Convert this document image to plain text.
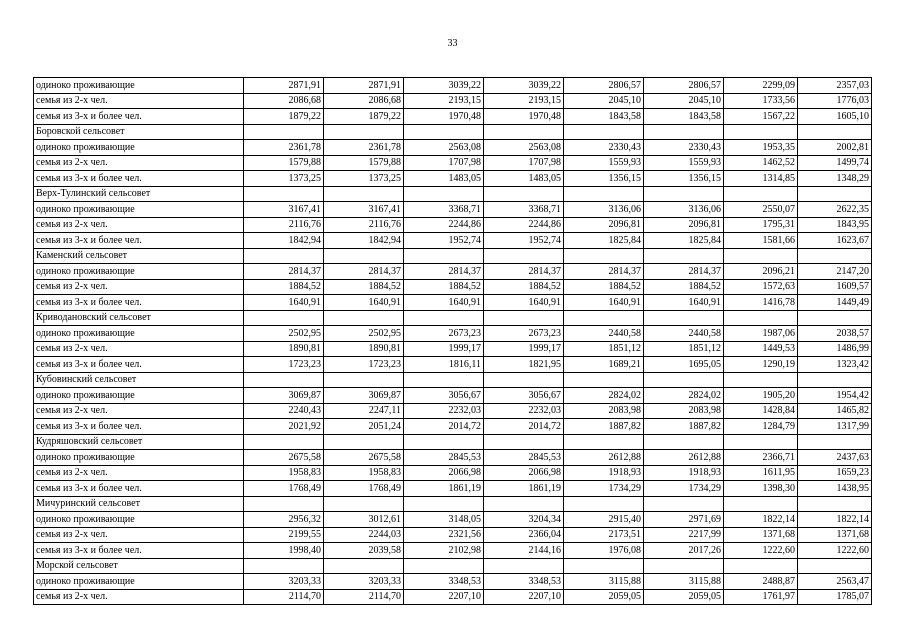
33
одиноко проживающие	2871,91	2871,91	3039,22	3039,22	2806,57	2806,57	2299,09	2357,03
семья из 2-х чел.	2086,68	2086,68	2193,15	2193,15	2045,10	2045,10	1733,56	1776,03
семья из 3-х и более чел.	1879,22	1879,22	1970,48	1970,48	1843,58	1843,58	1567,22	1605,10
Боровской сельсовет								
одиноко проживающие	2361,78	2361,78	2563,08	2563,08	2330,43	2330,43	1953,35	2002,81
семья из 2-х чел.	1579,88	1579,88	1707,98	1707,98	1559,93	1559,93	1462,52	1499,74
семья из 3-х и более чел.	1373,25	1373,25	1483,05	1483,05	1356,15	1356,15	1314,85	1348,29
Верх-Тулинский сельсовет								
одиноко проживающие	3167,41	3167,41	3368,71	3368,71	3136,06	3136,06	2550,07	2622,35
семья из 2-х чел.	2116,76	2116,76	2244,86	2244,86	2096,81	2096,81	1795,31	1843,95
семья из 3-х и более чел.	1842,94	1842,94	1952,74	1952,74	1825,84	1825,84	1581,66	1623,67
Каменский сельсовет								
одиноко проживающие	2814,37	2814,37	2814,37	2814,37	2814,37	2814,37	2096,21	2147,20
семья из 2-х чел.	1884,52	1884,52	1884,52	1884,52	1884,52	1884,52	1572,63	1609,57
семья из 3-х и более чел.	1640,91	1640,91	1640,91	1640,91	1640,91	1640,91	1416,78	1449,49
Криводановский сельсовет								
одиноко проживающие	2502,95	2502,95	2673,23	2673,23	2440,58	2440,58	1987,06	2038,57
семья из 2-х чел.	1890,81	1890,81	1999,17	1999,17	1851,12	1851,12	1449,53	1486,99
семья из 3-х и более чел.	1723,23	1723,23	1816,11	1821,95	1689,21	1695,05	1290,19	1323,42
Кубовинский сельсовет								
одиноко проживающие	3069,87	3069,87	3056,67	3056,67	2824,02	2824,02	1905,20	1954,42
семья из 2-х чел.	2240,43	2247,11	2232,03	2232,03	2083,98	2083,98	1428,84	1465,82
семья из 3-х и более чел.	2021,92	2051,24	2014,72	2014,72	1887,82	1887,82	1284,79	1317,99
Кудряшовский сельсовет								
одиноко проживающие	2675,58	2675,58	2845,53	2845,53	2612,88	2612,88	2366,71	2437,63
семья из 2-х чел.	1958,83	1958,83	2066,98	2066,98	1918,93	1918,93	1611,95	1659,23
семья из 3-х и более чел.	1768,49	1768,49	1861,19	1861,19	1734,29	1734,29	1398,30	1438,95
Мичуринский сельсовет								
одиноко проживающие	2956,32	3012,61	3148,05	3204,34	2915,40	2971,69	1822,14	1822,14
семья из 2-х чел.	2199,55	2244,03	2321,56	2366,04	2173,51	2217,99	1371,68	1371,68
семья из 3-х и более чел.	1998,40	2039,58	2102,98	2144,16	1976,08	2017,26	1222,60	1222,60
Морской сельсовет								
одиноко проживающие	3203,33	3203,33	3348,53	3348,53	3115,88	3115,88	2488,87	2563,47
семья из 2-х чел.	2114,70	2114,70	2207,10	2207,10	2059,05	2059,05	1761,97	1785,07
